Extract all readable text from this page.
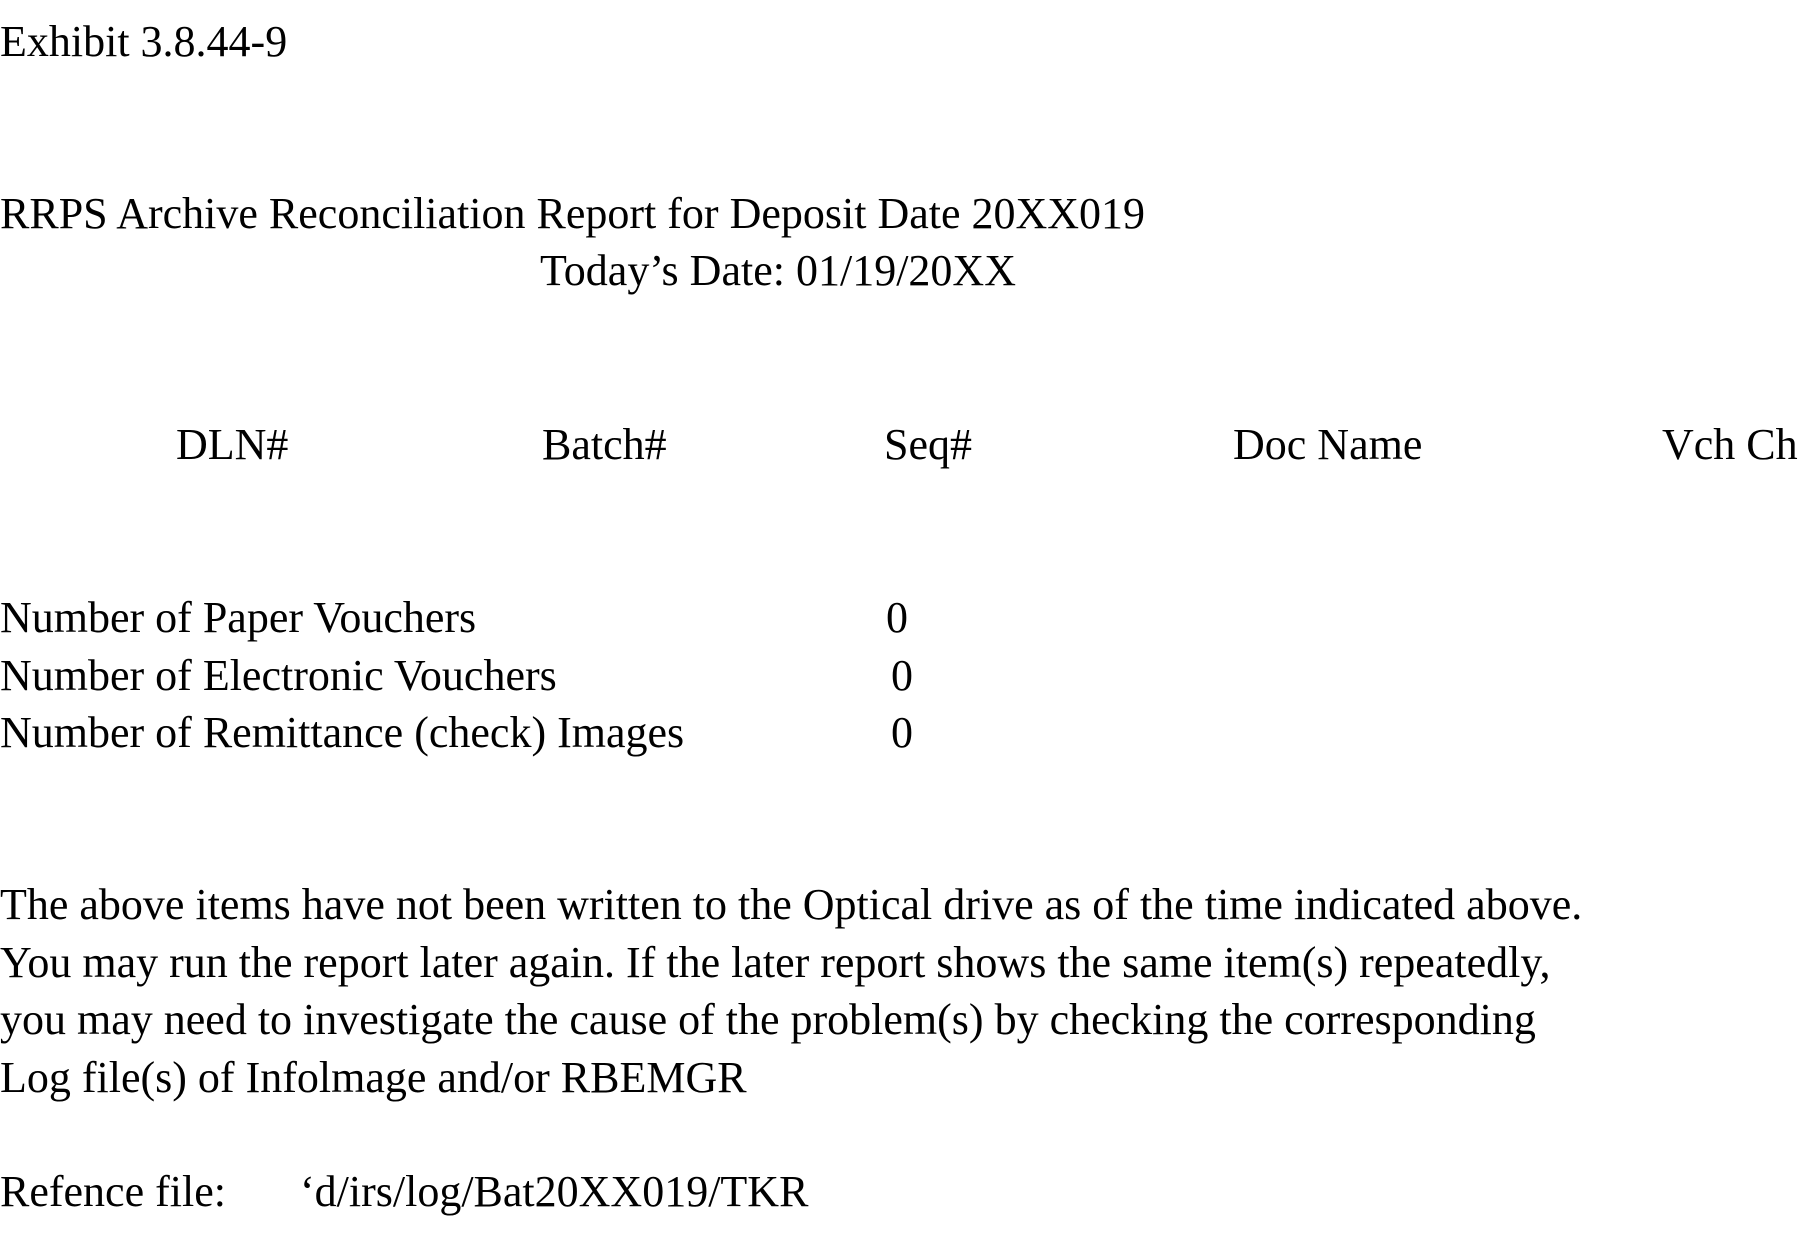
Exhibit 3.8.44-9
RRPS Archive Reconciliation Report for Deposit Date 20XX019
Today’s Date: 01/19/20XX
DLN#	Batch#	Seq#	Doc Name	Vch Ch
Number of Paper Vouchers	0
Number of Electronic Vouchers	0
Number of Remittance (check) Images	0
The above items have not been written to the Optical drive as of the time indicated above.
You may run the report later again. If the later report shows the same item(s) repeatedly,
you may need to investigate the cause of the problem(s) by checking the corresponding
Log file(s) of Infolmage and/or RBEMGR
Refence file: ‘d/irs/log/Bat20XX019/TKR
